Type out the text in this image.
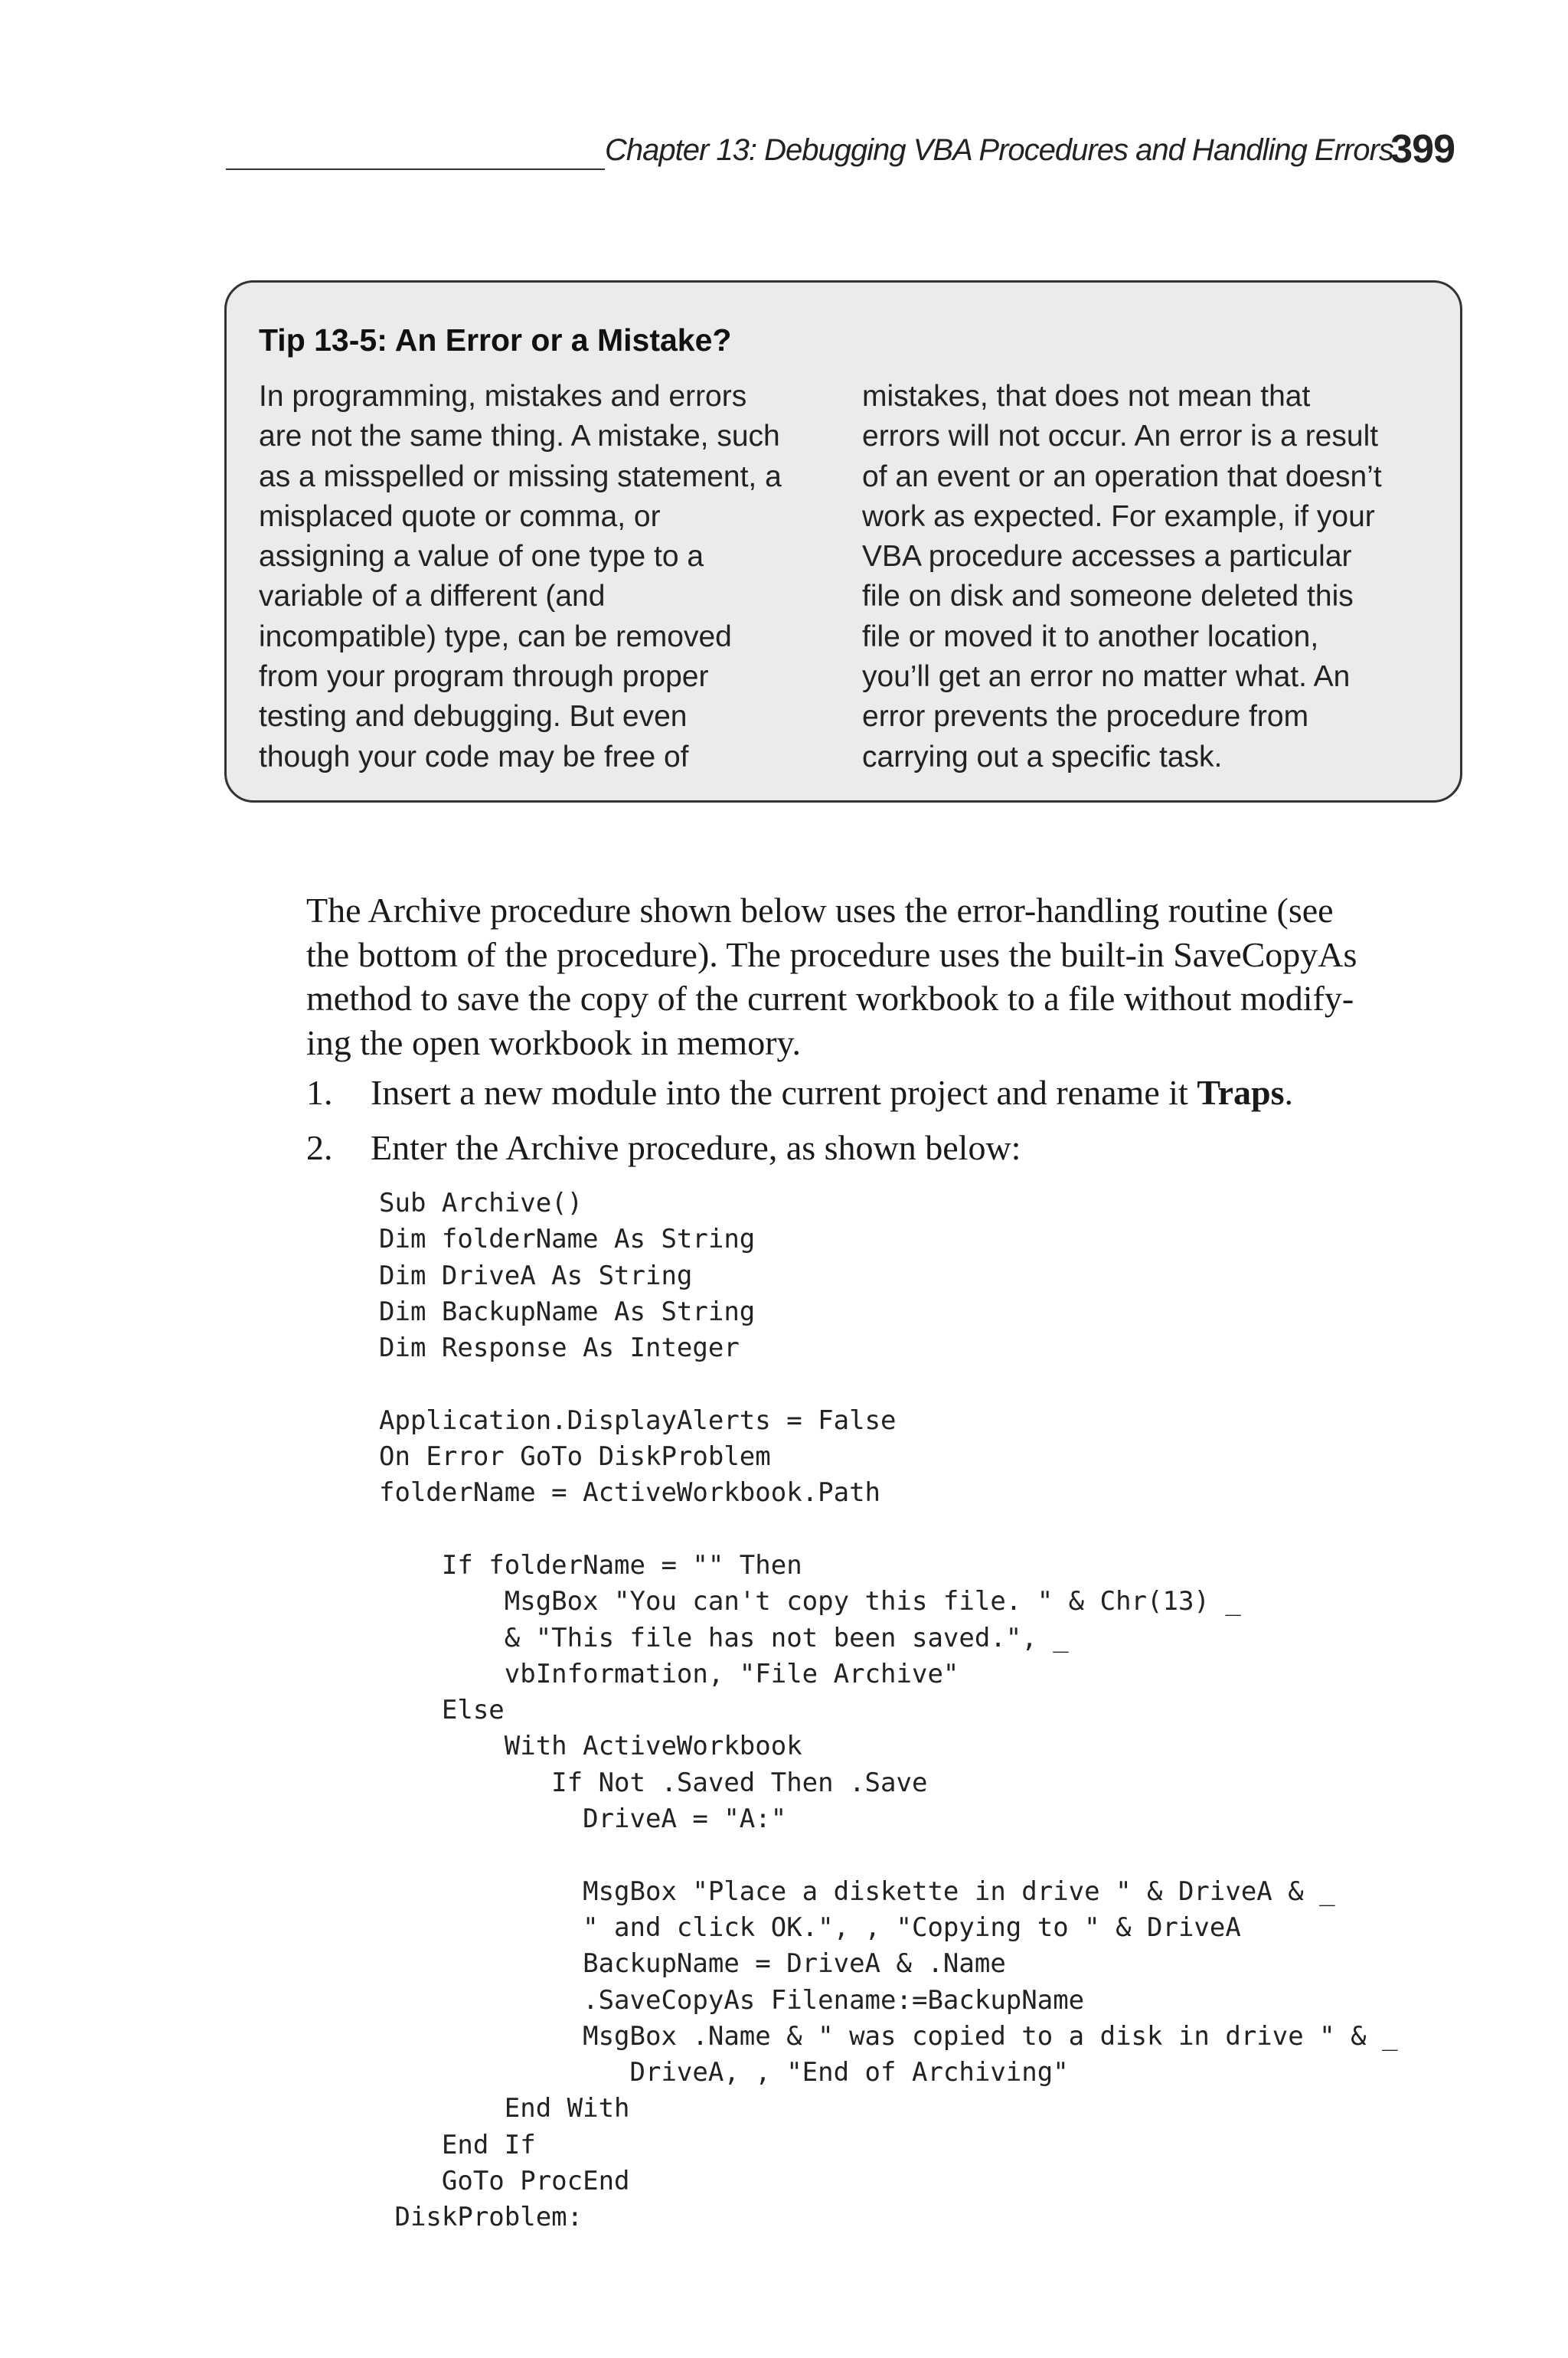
Chapter 13: Debugging VBA Procedures and Handling Errors
399
Tip 13-5: An Error or a Mistake?
In programming, mistakes and errors
are not the same thing. A mistake, such
as a misspelled or missing statement, a
misplaced quote or comma, or
assigning a value of one type to a
variable of a different (and
incompatible) type, can be removed
from your program through proper
testing and debugging. But even
though your code may be free of
mistakes, that does not mean that
errors will not occur. An error is a result
of an event or an operation that doesn’t
work as expected. For example, if your
VBA procedure accesses a particular
file on disk and someone deleted this
file or moved it to another location,
you’ll get an error no matter what. An
error prevents the procedure from
carrying out a specific task.
The Archive procedure shown below uses the error-handling routine (see
the bottom of the procedure). The procedure uses the built-in SaveCopyAs
method to save the copy of the current workbook to a file without modify-
ing the open workbook in memory.
1. Insert a new module into the current project and rename it Traps.
2. Enter the Archive procedure, as shown below:
Sub Archive()
Dim folderName As String
Dim DriveA As String
Dim BackupName As String
Dim Response As Integer
Application.DisplayAlerts = False
On Error GoTo DiskProblem
folderName = ActiveWorkbook.Path
If folderName = "" Then
MsgBox "You can't copy this file. " & Chr(13) _
& "This file has not been saved.", _
vbInformation, "File Archive"
Else
With ActiveWorkbook
If Not .Saved Then .Save
DriveA = "A:"
MsgBox "Place a diskette in drive " & DriveA & _
" and click OK.", , "Copying to " & DriveA
BackupName = DriveA & .Name
.SaveCopyAs Filename:=BackupName
MsgBox .Name & " was copied to a disk in drive " & _
DriveA, , "End of Archiving"
End With
End If
GoTo ProcEnd
DiskProblem:
